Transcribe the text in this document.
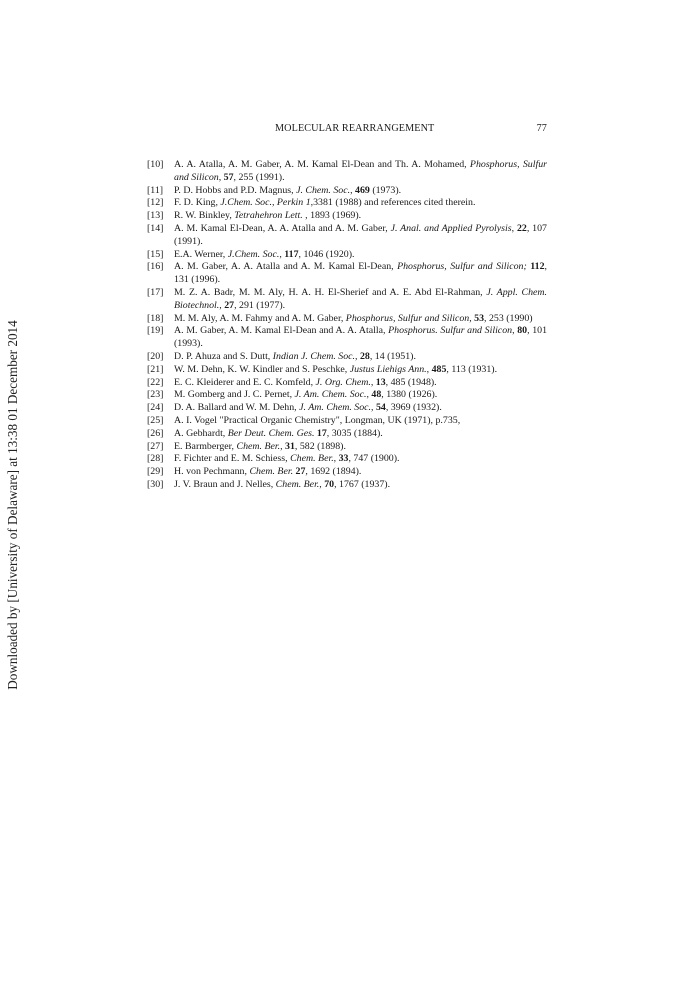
Downloaded by [University of Delaware] at 13:38 01 December 2014
MOLECULAR REARRANGEMENT	77
[10]	A. A. Atalla, A. M. Gaber, A. M. Kamal El-Dean and Th. A. Mohamed, Phosphorus, Sulfur and Silicon, 57, 255 (1991).
[11]	P. D. Hobbs and P.D. Magnus, J. Chem. Soc., 469 (1973).
[12]	F. D. King, J.Chem. Soc., Perkin 1,3381 (1988) and references cited therein.
[13]	R. W. Binkley, Tetrahehron Lett. , 1893 (1969).
[14]	A. M. Kamal El-Dean, A. A. Atalla and A. M. Gaber, J. Anal. and Applied Pyrolysis, 22, 107 (1991).
[15]	E.A. Werner, J.Chem. Soc., 117, 1046 (1920).
[16]	A. M. Gaber, A. A. Atalla and A. M. Kamal El-Dean, Phosphorus, Sulfur and Silicon; 112, 131 (1996).
[17]	M. Z. A. Badr, M. M. Aly, H. A. H. El-Sherief and A. E. Abd El-Rahman, J. Appl. Chem. Biotechnol., 27, 291 (1977).
[18]	M. M. Aly, A. M. Fahmy and A. M. Gaber, Phosphorus, Sulfur and Silicon, 53, 253 (1990)
[19]	A. M. Gaber, A. M. Kamal El-Dean and A. A. Atalla, Phosphorus. Sulfur and Silicon, 80, 101 (1993).
[20]	D. P. Ahuza and S. Dutt, Indian J. Chem. Soc., 28, 14 (1951).
[21]	W. M. Dehn, K. W. Kindler and S. Peschke, Justus Liehigs Ann., 485, 113 (1931).
[22]	E. C. Kleiderer and E. C. Komfeld, J. Org. Chem., 13, 485 (1948).
[23]	M. Gomberg and J. C. Pernet, J. Am. Chem. Soc., 48, 1380 (1926).
[24]	D. A. Ballard and W. M. Dehn, J. Am. Chem. Soc., 54, 3969 (1932).
[25]	A. I. Vogel "Practical Organic Chemistry", Longman, UK (1971), p.735,
[26]	A. Gebhardt, Ber Deut. Chem. Ges. 17, 3035 (1884).
[27]	E. Barmberger, Chem. Ber., 31, 582 (1898).
[28]	F. Fichter and E. M. Schiess, Chem. Ber., 33, 747 (1900).
[29]	H. von Pechmann, Chem. Ber. 27, 1692 (1894).
[30]	J. V. Braun and J. Nelles, Chem. Ber., 70, 1767 (1937).
